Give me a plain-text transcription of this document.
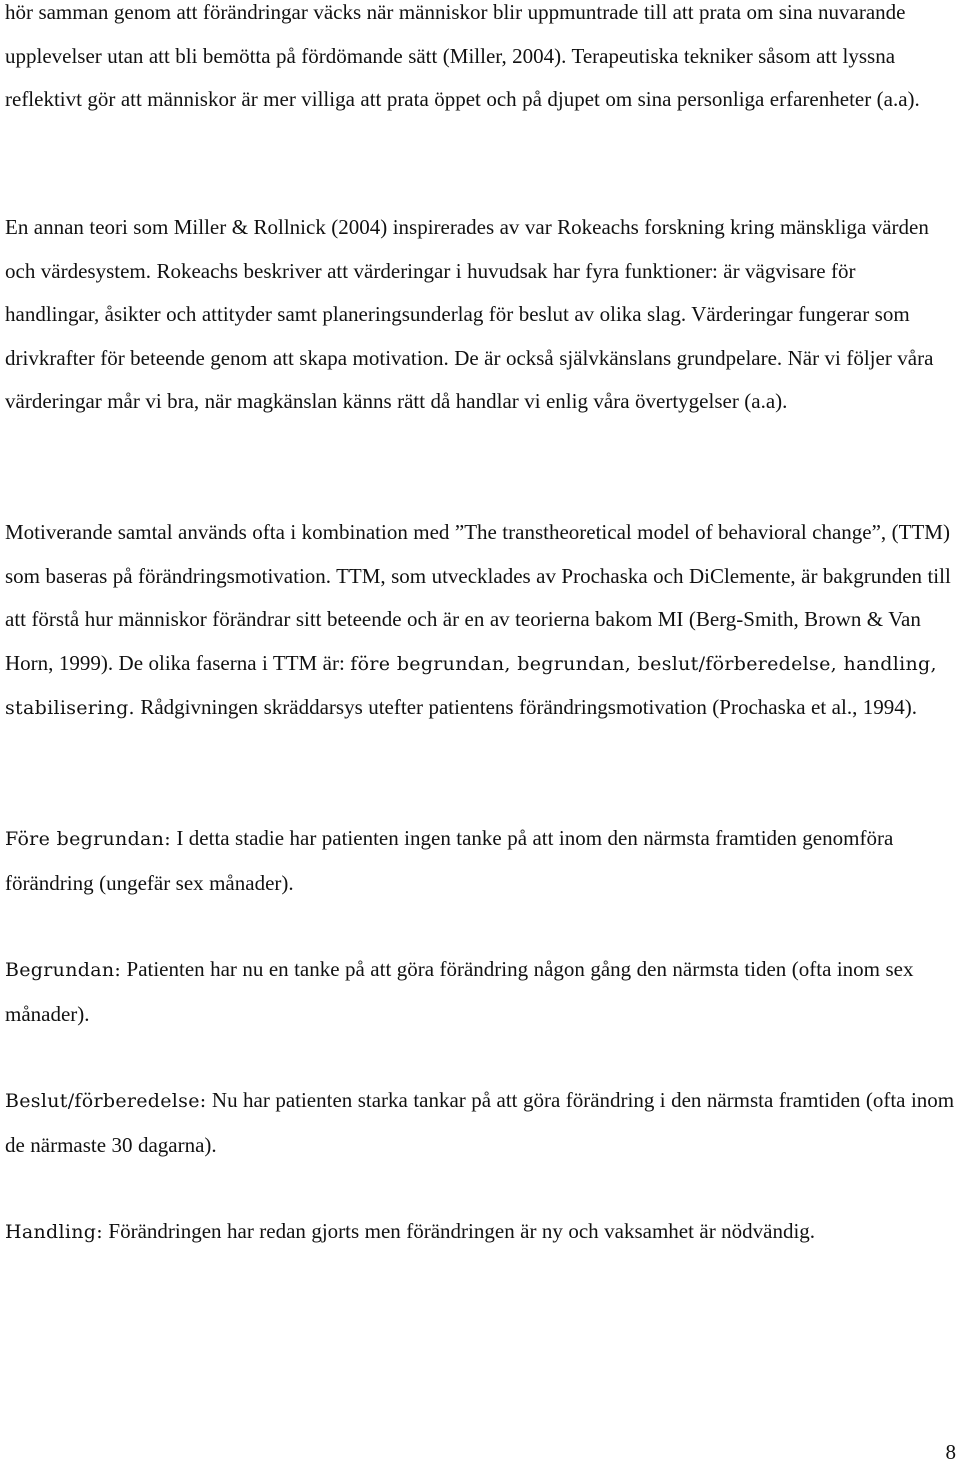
hör samman genom att förändringar väcks när människor blir uppmuntrade till att prata om sina nuvarande upplevelser utan att bli bemötta på fördömande sätt (Miller, 2004). Terapeutiska tekniker såsom att lyssna reflektivt gör att människor är mer villiga att prata öppet och på djupet om sina personliga erfarenheter (a.a).

En annan teori som Miller & Rollnick (2004) inspirerades av var Rokeachs forskning kring mänskliga värden och värdesystem. Rokeachs beskriver att värderingar i huvudsak har fyra funktioner: är vägvisare för handlingar, åsikter och attityder samt planeringsunderlag för beslut av olika slag. Värderingar fungerar som drivkrafter för beteende genom att skapa motivation. De är också självkänslans grundpelare. När vi följer våra värderingar mår vi bra, när magkänslan känns rätt då handlar vi enlig våra övertygelser (a.a).

Motiverande samtal används ofta i kombination med ”The transtheoretical model of behavioral change”, (TTM) som baseras på förändringsmotivation. TTM, som utvecklades av Prochaska och DiClemente, är bakgrunden till att förstå hur människor förändrar sitt beteende och är en av teorierna bakom MI (Berg-Smith, Brown & Van Horn, 1999). De olika faserna i TTM är: före begrundan, begrundan, beslut/förberedelse, handling, stabilisering. Rådgivningen skräddarsys utefter patientens förändringsmotivation (Prochaska et al., 1994).

Före begrundan: I detta stadie har patienten ingen tanke på att inom den närmsta framtiden genomföra förändring (ungefär sex månader).

Begrundan: Patienten har nu en tanke på att göra förändring någon gång den närmsta tiden (ofta inom sex månader).

Beslut/förberedelse: Nu har patienten starka tankar på att göra förändring i den närmsta framtiden (ofta inom de närmaste 30 dagarna).

Handling: Förändringen har redan gjorts men förändringen är ny och vaksamhet är nödvändig.

8
